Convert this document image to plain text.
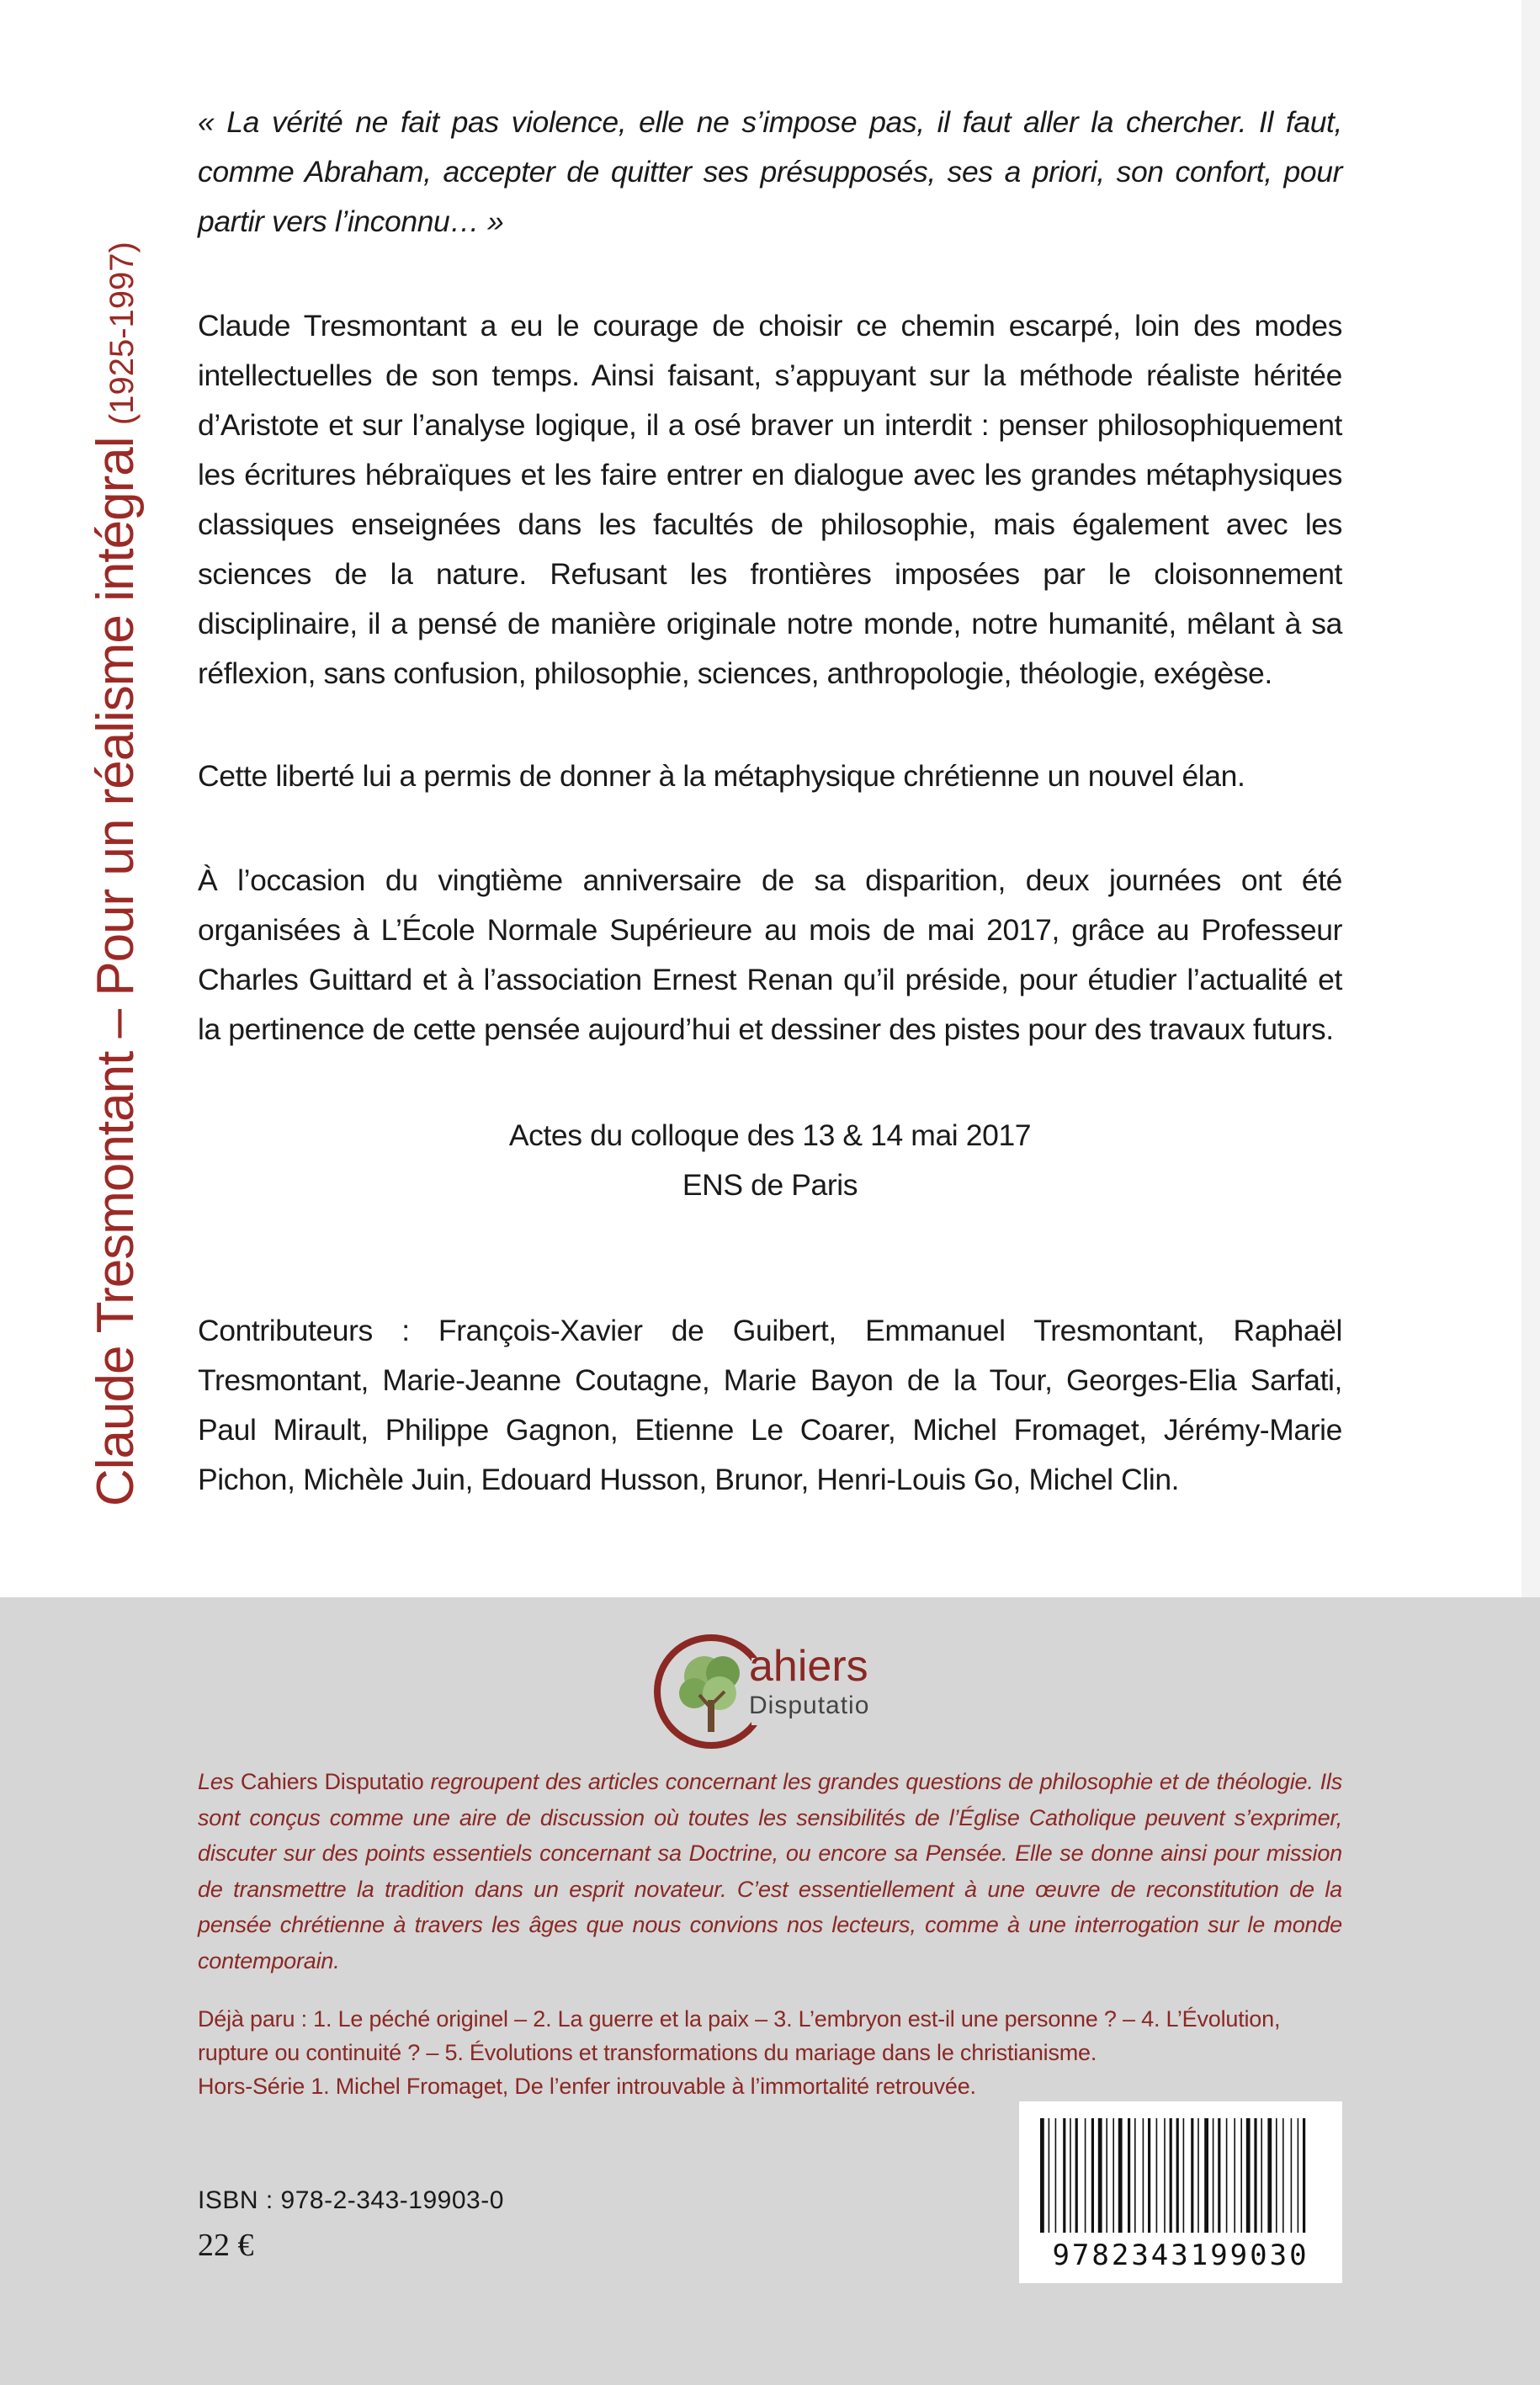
Claude Tresmontant – Pour un réalisme intégral (1925-1997)
« La vérité ne fait pas violence, elle ne s’impose pas, il faut aller la chercher. Il faut, comme Abraham, accepter de quitter ses présupposés, ses a priori, son confort, pour partir vers l’inconnu… »
Claude Tresmontant a eu le courage de choisir ce chemin escarpé, loin des modes intellectuelles de son temps. Ainsi faisant, s’appuyant sur la méthode réaliste héritée d’Aristote et sur l’analyse logique, il a osé braver un interdit : penser philosophiquement les écritures hébraïques et les faire entrer en dialogue avec les grandes métaphysiques classiques enseignées dans les facultés de philosophie, mais également avec les sciences de la nature. Refusant les frontières imposées par le cloisonnement disciplinaire, il a pensé de manière originale notre monde, notre humanité, mêlant à sa réflexion, sans confusion, philosophie, sciences, anthropologie, théologie, exégèse.
Cette liberté lui a permis de donner à la métaphysique chrétienne un nouvel élan.
À l’occasion du vingtième anniversaire de sa disparition, deux journées ont été organisées à L’École Normale Supérieure au mois de mai 2017, grâce au Professeur Charles Guittard et à l’association Ernest Renan qu’il préside, pour étudier l’actualité et la pertinence de cette pensée aujourd’hui et dessiner des pistes pour des travaux futurs.
Actes du colloque des 13 & 14 mai 2017
ENS de Paris
Contributeurs : François-Xavier de Guibert, Emmanuel Tresmontant, Raphaël Tresmontant, Marie-Jeanne Coutagne, Marie Bayon de la Tour, Georges-Elia Sarfati, Paul Mirault, Philippe Gagnon, Etienne Le Coarer, Michel Fromaget, Jérémy-Marie Pichon, Michèle Juin, Edouard Husson, Brunor, Henri-Louis Go, Michel Clin.
ahiers
Disputatio
Les Cahiers Disputatio regroupent des articles concernant les grandes questions de philosophie et de théologie. Ils sont conçus comme une aire de discussion où toutes les sensibilités de l’Église Catholique peuvent s’exprimer, discuter sur des points essentiels concernant sa Doctrine, ou encore sa Pensée. Elle se donne ainsi pour mission de transmettre la tradition dans un esprit novateur. C’est essentiellement à une œuvre de reconstitution de la pensée chrétienne à travers les âges que nous convions nos lecteurs, comme à une interrogation sur le monde contemporain.
Déjà paru : 1. Le péché originel – 2. La guerre et la paix – 3. L’embryon est-il une personne ? – 4. L’Évolution, rupture ou continuité ? – 5. Évolutions et transformations du mariage dans le christianisme.
Hors-Série 1. Michel Fromaget, De l’enfer introuvable à l’immortalité retrouvée.
ISBN : 978-2-343-19903-0
22 €	9782343199030
